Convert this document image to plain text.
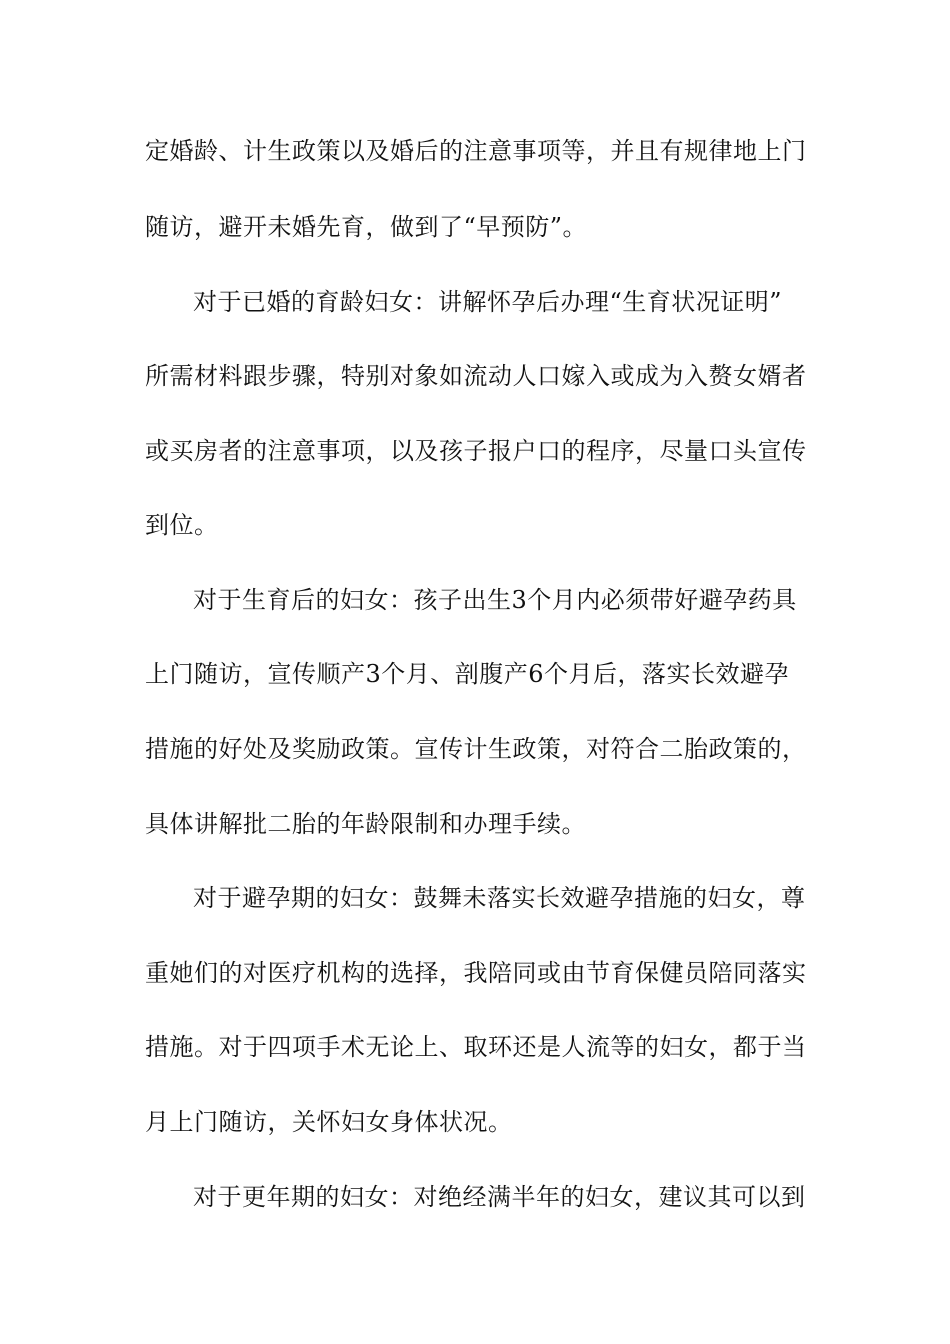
定婚龄、计生政策以及婚后的注意事项等，并且有规律地上门
随访，避开未婚先育，做到了“早预防”。
对于已婚的育龄妇女：讲解怀孕后办理“生育状况证明”
所需材料跟步骤，特别对象如流动人口嫁入或成为入赘女婿者
或买房者的注意事项，以及孩子报户口的程序，尽量口头宣传
到位。
对于生育后的妇女：孩子出生3个月内必须带好避孕药具
上门随访，宣传顺产3个月、剖腹产6个月后，落实长效避孕
措施的好处及奖励政策。宣传计生政策，对符合二胎政策的，
具体讲解批二胎的年龄限制和办理手续。
对于避孕期的妇女：鼓舞未落实长效避孕措施的妇女，尊
重她们的对医疗机构的选择，我陪同或由节育保健员陪同落实
措施。对于四项手术无论上、取环还是人流等的妇女，都于当
月上门随访，关怀妇女身体状况。
对于更年期的妇女：对绝经满半年的妇女，建议其可以到
